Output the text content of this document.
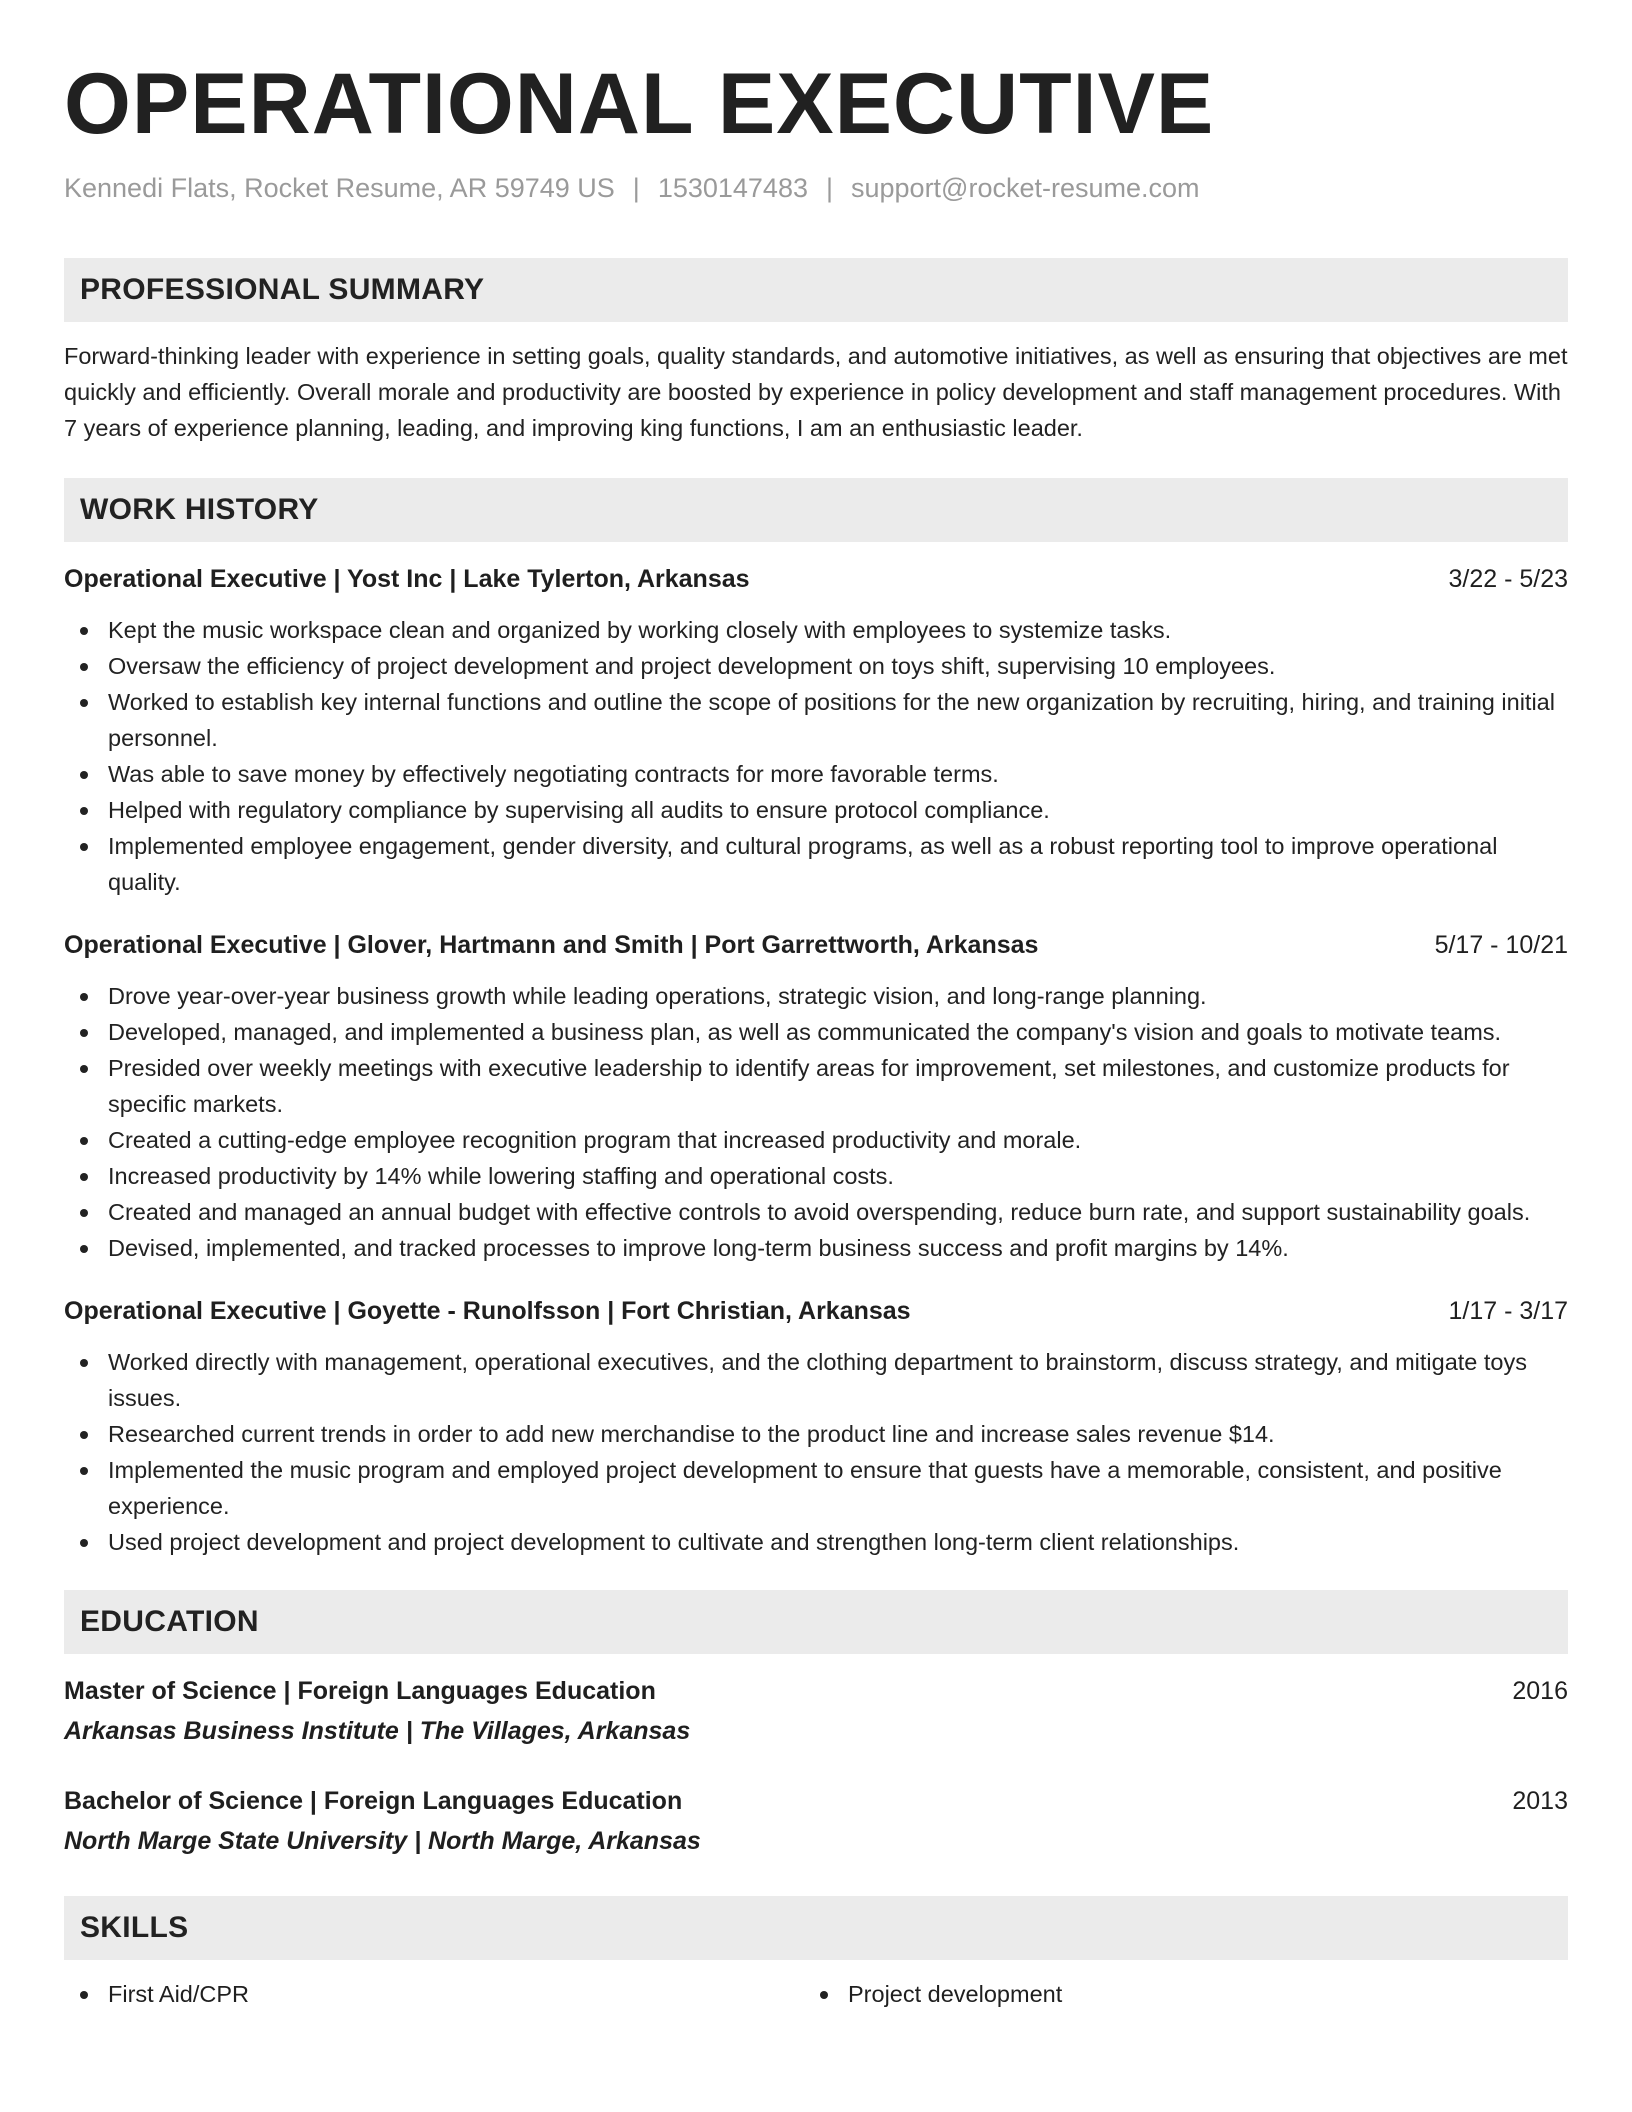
OPERATIONAL EXECUTIVE
Kennedi Flats, Rocket Resume, AR 59749 US | 1530147483 | support@rocket-resume.com
PROFESSIONAL SUMMARY

Forward-thinking leader with experience in setting goals, quality standards, and automotive initiatives, as well as ensuring that objectives are met quickly and efficiently. Overall morale and productivity are boosted by experience in policy development and staff management procedures. With 7 years of experience planning, leading, and improving king functions, I am an enthusiastic leader.

WORK HISTORY
Operational Executive | Yost Inc | Lake Tylerton, Arkansas	3/22 - 5/23
Kept the music workspace clean and organized by working closely with employees to systemize tasks.
Oversaw the efficiency of project development and project development on toys shift, supervising 10 employees.
Worked to establish key internal functions and outline the scope of positions for the new organization by recruiting, hiring, and training initial personnel.
Was able to save money by effectively negotiating contracts for more favorable terms.
Helped with regulatory compliance by supervising all audits to ensure protocol compliance.
Implemented employee engagement, gender diversity, and cultural programs, as well as a robust reporting tool to improve operational quality.
Operational Executive | Glover, Hartmann and Smith | Port Garrettworth, Arkansas	5/17 - 10/21
Drove year-over-year business growth while leading operations, strategic vision, and long-range planning.
Developed, managed, and implemented a business plan, as well as communicated the company's vision and goals to motivate teams.
Presided over weekly meetings with executive leadership to identify areas for improvement, set milestones, and customize products for specific markets.
Created a cutting-edge employee recognition program that increased productivity and morale.
Increased productivity by 14% while lowering staffing and operational costs.
Created and managed an annual budget with effective controls to avoid overspending, reduce burn rate, and support sustainability goals.
Devised, implemented, and tracked processes to improve long-term business success and profit margins by 14%.
Operational Executive | Goyette - Runolfsson | Fort Christian, Arkansas	1/17 - 3/17
Worked directly with management, operational executives, and the clothing department to brainstorm, discuss strategy, and mitigate toys issues.
Researched current trends in order to add new merchandise to the product line and increase sales revenue $14.
Implemented the music program and employed project development to ensure that guests have a memorable, consistent, and positive experience.
Used project development and project development to cultivate and strengthen long-term client relationships.
EDUCATION
Master of Science | Foreign Languages Education	2016
Arkansas Business Institute | The Villages, Arkansas
Bachelor of Science | Foreign Languages Education	2013
North Marge State University | North Marge, Arkansas
SKILLS
First Aid/CPR	Project development
